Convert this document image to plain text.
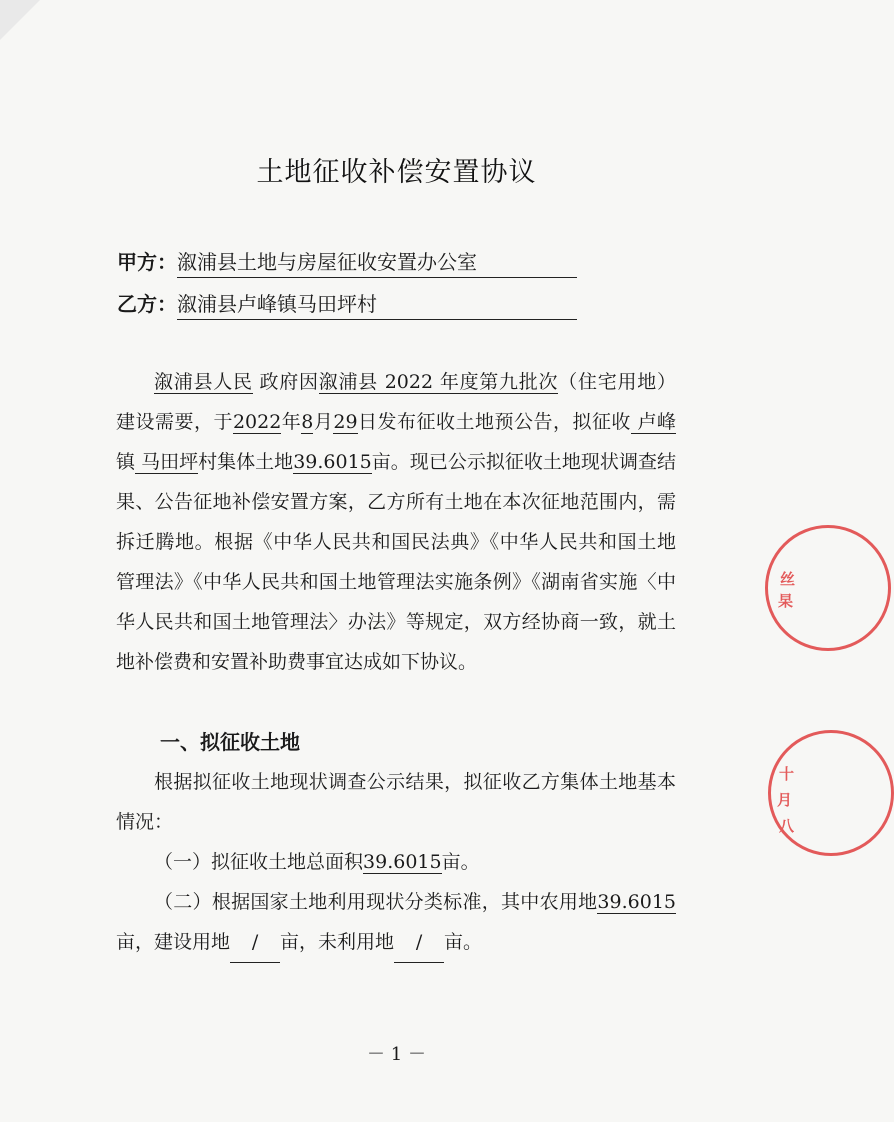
土地征收补偿安置协议
甲方：溆浦县土地与房屋征收安置办公室
乙方：溆浦县卢峰镇马田坪村

溆浦县人民 政府因溆浦县 2022 年度第九批次（住宅用地）建设需要，于2022年8月29日发布征收土地预公告，拟征收 卢峰 镇 马田坪村集体土地39.6015亩。现已公示拟征收土地现状调查结果、公告征地补偿安置方案，乙方所有土地在本次征地范围内，需拆迁腾地。根据《中华人民共和国民法典》《中华人民共和国土地管理法》《中华人民共和国土地管理法实施条例》《湖南省实施〈中华人民共和国土地管理法〉办法》等规定，双方经协商一致，就土地补偿费和安置补助费事宜达成如下协议。

一、拟征收土地

根据拟征收土地现状调查公示结果，拟征收乙方集体土地基本情况：

（一）拟征收土地总面积39.6015亩。

（二）根据国家土地利用现状分类标准，其中农用地39.6015 亩，建设用地 / 亩，未利用地 / 亩。

丝
杲
十
月
八
－ 1 －
